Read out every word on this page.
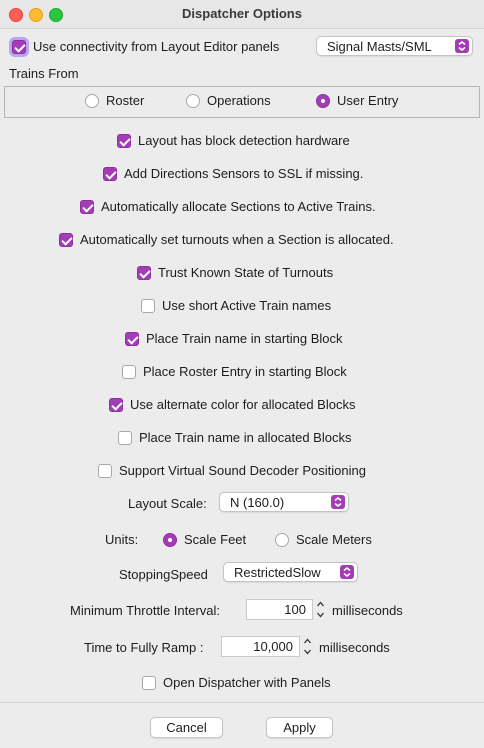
Dispatcher Options
Use connectivity from Layout Editor panels	Signal Masts/SML
Trains From
Roster	Operations	User Entry
Layout has block detection hardware
Add Directions Sensors to SSL if missing.
Automatically allocate Sections to Active Trains.
Automatically set turnouts when a Section is allocated.
Trust Known State of Turnouts
Use short Active Train names
Place Train name in starting Block
Place Roster Entry in starting Block
Use alternate color for allocated Blocks
Place Train name in allocated Blocks
Support Virtual Sound Decoder Positioning
Layout Scale: N (160.0)
Units:	Scale Feet	Scale Meters
StoppingSpeed RestrictedSlow
Minimum Throttle Interval:	100	milliseconds
Time to Fully Ramp :	10,000	milliseconds
Open Dispatcher with Panels
Cancel	Apply
